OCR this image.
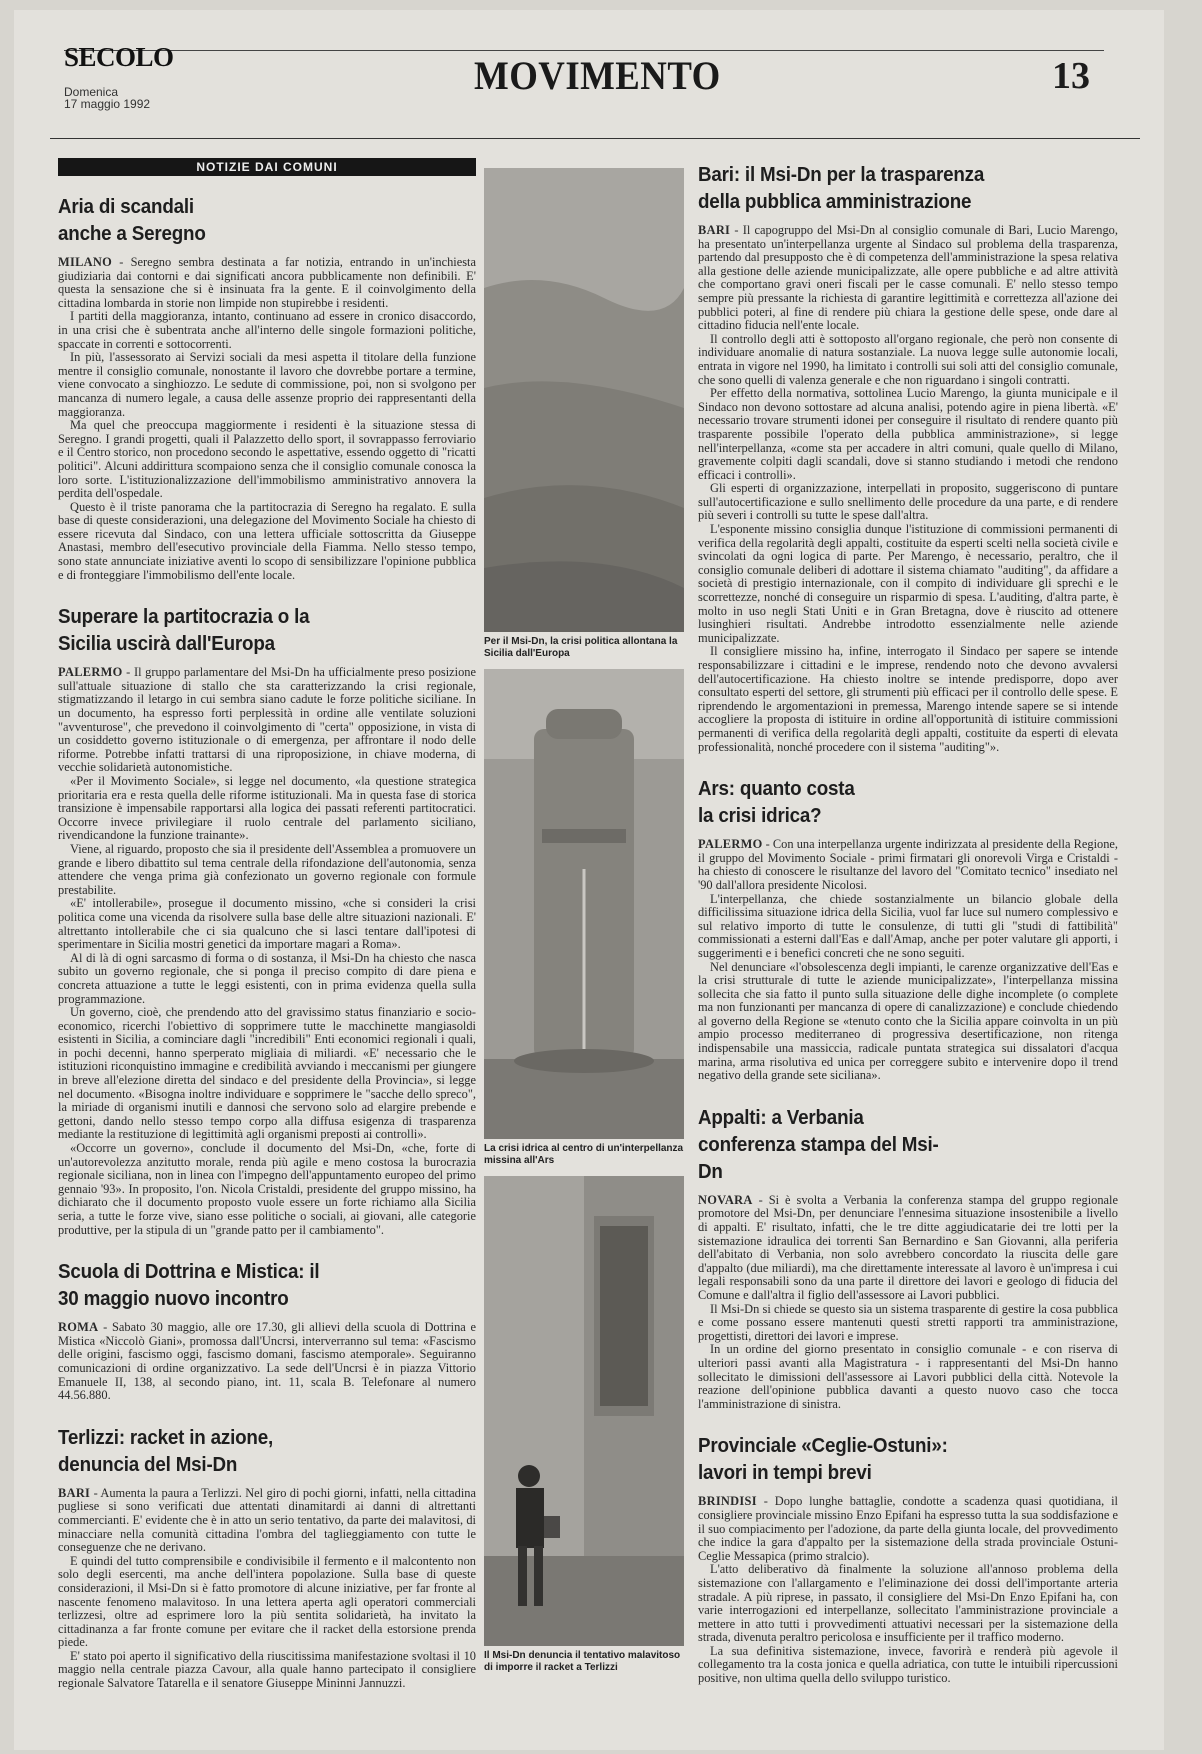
SECOLO
Domenica
17 maggio 1992
MOVIMENTO	13
NOTIZIE DAI COMUNI
Aria di scandali anche a Seregno

MILANO - Seregno sembra destinata a far notizia, entrando in un'inchiesta giudiziaria dai contorni e dai significati ancora pubblicamente non definibili. E' questa la sensazione che si è insinuata fra la gente. E il coinvolgimento della cittadina lombarda in storie non limpide non stupirebbe i residenti.

I partiti della maggioranza, intanto, continuano ad essere in cronico disaccordo, in una crisi che è subentrata anche all'interno delle singole formazioni politiche, spaccate in correnti e sottocorrenti.

In più, l'assessorato ai Servizi sociali da mesi aspetta il titolare della funzione mentre il consiglio comunale, nonostante il lavoro che dovrebbe portare a termine, viene convocato a singhiozzo. Le sedute di commissione, poi, non si svolgono per mancanza di numero legale, a causa delle assenze proprio dei rappresentanti della maggioranza.

Ma quel che preoccupa maggiormente i residenti è la situazione stessa di Seregno. I grandi progetti, quali il Palazzetto dello sport, il sovrappasso ferroviario e il Centro storico, non procedono secondo le aspettative, essendo oggetto di "ricatti politici". Alcuni addirittura scompaiono senza che il consiglio comunale conosca la loro sorte. L'istituzionalizzazione dell'immobilismo amministrativo annovera la perdita dell'ospedale.

Questo è il triste panorama che la partitocrazia di Seregno ha regalato. E sulla base di queste considerazioni, una delegazione del Movimento Sociale ha chiesto di essere ricevuta dal Sindaco, con una lettera ufficiale sottoscritta da Giuseppe Anastasi, membro dell'esecutivo provinciale della Fiamma. Nello stesso tempo, sono state annunciate iniziative aventi lo scopo di sensibilizzare l'opinione pubblica e di fronteggiare l'immobilismo dell'ente locale.

Superare la partitocrazia o la Sicilia uscirà dall'Europa

PALERMO - Il gruppo parlamentare del Msi-Dn ha ufficialmente preso posizione sull'attuale situazione di stallo che sta caratterizzando la crisi regionale, stigmatizzando il letargo in cui sembra siano cadute le forze politiche siciliane. In un documento, ha espresso forti perplessità in ordine alle ventilate soluzioni "avventurose", che prevedono il coinvolgimento di "certa" opposizione, in vista di un cosiddetto governo istituzionale o di emergenza, per affrontare il nodo delle riforme. Potrebbe infatti trattarsi di una riproposizione, in chiave moderna, di vecchie solidarietà autonomistiche.

«Per il Movimento Sociale», si legge nel documento, «la questione strategica prioritaria era e resta quella delle riforme istituzionali. Ma in questa fase di storica transizione è impensabile rapportarsi alla logica dei passati referenti partitocratici. Occorre invece privilegiare il ruolo centrale del parlamento siciliano, rivendicandone la funzione trainante».

Viene, al riguardo, proposto che sia il presidente dell'Assemblea a promuovere un grande e libero dibattito sul tema centrale della rifondazione dell'autonomia, senza attendere che venga prima già confezionato un governo regionale con formule prestabilite.

«E' intollerabile», prosegue il documento missino, «che si consideri la crisi politica come una vicenda da risolvere sulla base delle altre situazioni nazionali. E' altrettanto intollerabile che ci sia qualcuno che si lasci tentare dall'ipotesi di sperimentare in Sicilia mostri genetici da importare magari a Roma».

Al di là di ogni sarcasmo di forma o di sostanza, il Msi-Dn ha chiesto che nasca subito un governo regionale, che si ponga il preciso compito di dare piena e concreta attuazione a tutte le leggi esistenti, con in prima evidenza quella sulla programmazione.

Un governo, cioè, che prendendo atto del gravissimo status finanziario e socio-economico, ricerchi l'obiettivo di sopprimere tutte le macchinette mangiasoldi esistenti in Sicilia, a cominciare dagli "incredibili" Enti economici regionali i quali, in pochi decenni, hanno sperperato migliaia di miliardi. «E' necessario che le istituzioni riconquistino immagine e credibilità avviando i meccanismi per giungere in breve all'elezione diretta del sindaco e del presidente della Provincia», si legge nel documento. «Bisogna inoltre individuare e sopprimere le "sacche dello spreco", la miriade di organismi inutili e dannosi che servono solo ad elargire prebende e gettoni, dando nello stesso tempo corpo alla diffusa esigenza di trasparenza mediante la restituzione di legittimità agli organismi preposti ai controlli».

«Occorre un governo», conclude il documento del Msi-Dn, «che, forte di un'autorevolezza anzitutto morale, renda più agile e meno costosa la burocrazia regionale siciliana, non in linea con l'impegno dell'appuntamento europeo del primo gennaio '93». In proposito, l'on. Nicola Cristaldi, presidente del gruppo missino, ha dichiarato che il documento proposto vuole essere un forte richiamo alla Sicilia seria, a tutte le forze vive, siano esse politiche o sociali, ai giovani, alle categorie produttive, per la stipula di un "grande patto per il cambiamento".

Scuola di Dottrina e Mistica: il 30 maggio nuovo incontro

ROMA - Sabato 30 maggio, alle ore 17.30, gli allievi della scuola di Dottrina e Mistica «Niccolò Giani», promossa dall'Uncrsi, interverranno sul tema: «Fascismo delle origini, fascismo oggi, fascismo domani, fascismo atemporale». Seguiranno comunicazioni di ordine organizzativo. La sede dell'Uncrsi è in piazza Vittorio Emanuele II, 138, al secondo piano, int. 11, scala B. Telefonare al numero 44.56.880.

Terlizzi: racket in azione, denuncia del Msi-Dn

BARI - Aumenta la paura a Terlizzi. Nel giro di pochi giorni, infatti, nella cittadina pugliese si sono verificati due attentati dinamitardi ai danni di altrettanti commercianti. E' evidente che è in atto un serio tentativo, da parte dei malavitosi, di minacciare nella comunità cittadina l'ombra del taglieggiamento con tutte le conseguenze che ne derivano.

E quindi del tutto comprensibile e condivisibile il fermento e il malcontento non solo degli esercenti, ma anche dell'intera popolazione. Sulla base di queste considerazioni, il Msi-Dn si è fatto promotore di alcune iniziative, per far fronte al nascente fenomeno malavitoso. In una lettera aperta agli operatori commerciali terlizzesi, oltre ad esprimere loro la più sentita solidarietà, ha invitato la cittadinanza a far fronte comune per evitare che il racket della estorsione prenda piede.

E' stato poi aperto il significativo della riuscitissima manifestazione svoltasi il 10 maggio nella centrale piazza Cavour, alla quale hanno partecipato il consigliere regionale Salvatore Tatarella e il senatore Giuseppe Mininni Jannuzzi.

Per il Msi-Dn, la crisi politica allontana la Sicilia dall'Europa
La crisi idrica al centro di un'interpellanza missina all'Ars
Il Msi-Dn denuncia il tentativo malavitoso di imporre il racket a Terlizzi
Bari: il Msi-Dn per la trasparenza della pubblica amministrazione

BARI - Il capogruppo del Msi-Dn al consiglio comunale di Bari, Lucio Marengo, ha presentato un'interpellanza urgente al Sindaco sul problema della trasparenza, partendo dal presupposto che è di competenza dell'amministrazione la spesa relativa alla gestione delle aziende municipalizzate, alle opere pubbliche e ad altre attività che comportano gravi oneri fiscali per le casse comunali. E' nello stesso tempo sempre più pressante la richiesta di garantire legittimità e correttezza all'azione dei pubblici poteri, al fine di rendere più chiara la gestione delle spese, onde dare al cittadino fiducia nell'ente locale.

Il controllo degli atti è sottoposto all'organo regionale, che però non consente di individuare anomalie di natura sostanziale. La nuova legge sulle autonomie locali, entrata in vigore nel 1990, ha limitato i controlli sui soli atti del consiglio comunale, che sono quelli di valenza generale e che non riguardano i singoli contratti.

Per effetto della normativa, sottolinea Lucio Marengo, la giunta municipale e il Sindaco non devono sottostare ad alcuna analisi, potendo agire in piena libertà. «E' necessario trovare strumenti idonei per conseguire il risultato di rendere quanto più trasparente possibile l'operato della pubblica amministrazione», si legge nell'interpellanza, «come sta per accadere in altri comuni, quale quello di Milano, gravemente colpiti dagli scandali, dove si stanno studiando i metodi che rendono efficaci i controlli».

Gli esperti di organizzazione, interpellati in proposito, suggeriscono di puntare sull'autocertificazione e sullo snellimento delle procedure da una parte, e di rendere più severi i controlli su tutte le spese dall'altra.

L'esponente missino consiglia dunque l'istituzione di commissioni permanenti di verifica della regolarità degli appalti, costituite da esperti scelti nella società civile e svincolati da ogni logica di parte. Per Marengo, è necessario, peraltro, che il consiglio comunale deliberi di adottare il sistema chiamato "auditing", da affidare a società di prestigio internazionale, con il compito di individuare gli sprechi e le scorrettezze, nonché di conseguire un risparmio di spesa. L'auditing, d'altra parte, è molto in uso negli Stati Uniti e in Gran Bretagna, dove è riuscito ad ottenere lusinghieri risultati. Andrebbe introdotto essenzialmente nelle aziende municipalizzate.

Il consigliere missino ha, infine, interrogato il Sindaco per sapere se intende responsabilizzare i cittadini e le imprese, rendendo noto che devono avvalersi dell'autocertificazione. Ha chiesto inoltre se intende predisporre, dopo aver consultato esperti del settore, gli strumenti più efficaci per il controllo delle spese. E riprendendo le argomentazioni in premessa, Marengo intende sapere se si intende accogliere la proposta di istituire in ordine all'opportunità di istituire commissioni permanenti di verifica della regolarità degli appalti, costituite da esperti di elevata professionalità, nonché procedere con il sistema "auditing"».

Ars: quanto costa la crisi idrica?

PALERMO - Con una interpellanza urgente indirizzata al presidente della Regione, il gruppo del Movimento Sociale - primi firmatari gli onorevoli Virga e Cristaldi - ha chiesto di conoscere le risultanze del lavoro del "Comitato tecnico" insediato nel '90 dall'allora presidente Nicolosi.

L'interpellanza, che chiede sostanzialmente un bilancio globale della difficilissima situazione idrica della Sicilia, vuol far luce sul numero complessivo e sul relativo importo di tutte le consulenze, di tutti gli "studi di fattibilità" commissionati a esterni dall'Eas e dall'Amap, anche per poter valutare gli apporti, i suggerimenti e i benefici concreti che ne sono seguiti.

Nel denunciare «l'obsolescenza degli impianti, le carenze organizzative dell'Eas e la crisi strutturale di tutte le aziende municipalizzate», l'interpellanza missina sollecita che sia fatto il punto sulla situazione delle dighe incomplete (o complete ma non funzionanti per mancanza di opere di canalizzazione) e conclude chiedendo al governo della Regione se «tenuto conto che la Sicilia appare coinvolta in un più ampio processo mediterraneo di progressiva desertificazione, non ritenga indispensabile una massiccia, radicale puntata strategica sui dissalatori d'acqua marina, arma risolutiva ed unica per correggere subito e intervenire dopo il trend negativo della grande sete siciliana».

Appalti: a Verbania conferenza stampa del Msi-Dn

NOVARA - Si è svolta a Verbania la conferenza stampa del gruppo regionale promotore del Msi-Dn, per denunciare l'ennesima situazione insostenibile a livello di appalti. E' risultato, infatti, che le tre ditte aggiudicatarie dei tre lotti per la sistemazione idraulica dei torrenti San Bernardino e San Giovanni, alla periferia dell'abitato di Verbania, non solo avrebbero concordato la riuscita delle gare d'appalto (due miliardi), ma che direttamente interessate al lavoro è un'impresa i cui legali responsabili sono da una parte il direttore dei lavori e geologo di fiducia del Comune e dall'altra il figlio dell'assessore ai Lavori pubblici.

Il Msi-Dn si chiede se questo sia un sistema trasparente di gestire la cosa pubblica e come possano essere mantenuti questi stretti rapporti tra amministrazione, progettisti, direttori dei lavori e imprese.

In un ordine del giorno presentato in consiglio comunale - e con riserva di ulteriori passi avanti alla Magistratura - i rappresentanti del Msi-Dn hanno sollecitato le dimissioni dell'assessore ai Lavori pubblici della città. Notevole la reazione dell'opinione pubblica davanti a questo nuovo caso che tocca l'amministrazione di sinistra.

Provinciale «Ceglie-Ostuni»: lavori in tempi brevi

BRINDISI - Dopo lunghe battaglie, condotte a scadenza quasi quotidiana, il consigliere provinciale missino Enzo Epifani ha espresso tutta la sua soddisfazione e il suo compiacimento per l'adozione, da parte della giunta locale, del provvedimento che indice la gara d'appalto per la sistemazione della strada provinciale Ostuni-Ceglie Messapica (primo stralcio).

L'atto deliberativo dà finalmente la soluzione all'annoso problema della sistemazione con l'allargamento e l'eliminazione dei dossi dell'importante arteria stradale. A più riprese, in passato, il consigliere del Msi-Dn Enzo Epifani ha, con varie interrogazioni ed interpellanze, sollecitato l'amministrazione provinciale a mettere in atto tutti i provvedimenti attuativi necessari per la sistemazione della strada, divenuta peraltro pericolosa e insufficiente per il traffico moderno.

La sua definitiva sistemazione, invece, favorirà e renderà più agevole il collegamento tra la costa jonica e quella adriatica, con tutte le intuibili ripercussioni positive, non ultima quella dello sviluppo turistico.
